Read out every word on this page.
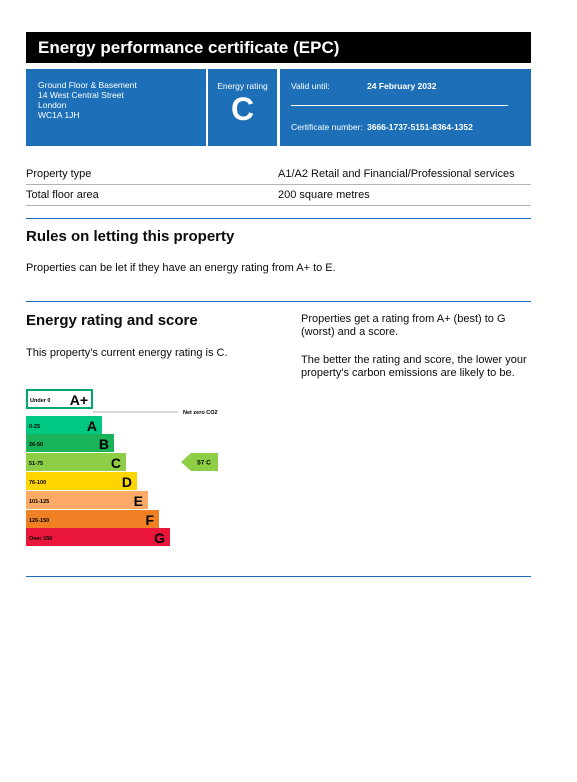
Energy performance certificate (EPC)
Ground Floor & Basement
14 West Central Street
London
WC1A 1JH
Energy rating
C
Valid until:	24 February 2032
Certificate number: 3666-1737-5151-8364-1352
Property type	A1/A2 Retail and Financial/Professional services
Total floor area	200 square metres
Rules on letting this property
Properties can be let if they have an energy rating from A+ to E.
Energy rating and score
This property’s current energy rating is C.
Properties get a rating from A+ (best) to G (worst) and a score.
The better the rating and score, the lower your property's carbon emissions are likely to be.
Under 0 A+
0-25	A
26-50	B
51-75	C
76-100	D
101-125	E
126-150	F
Over 150	G
Net zero CO2
57 C
